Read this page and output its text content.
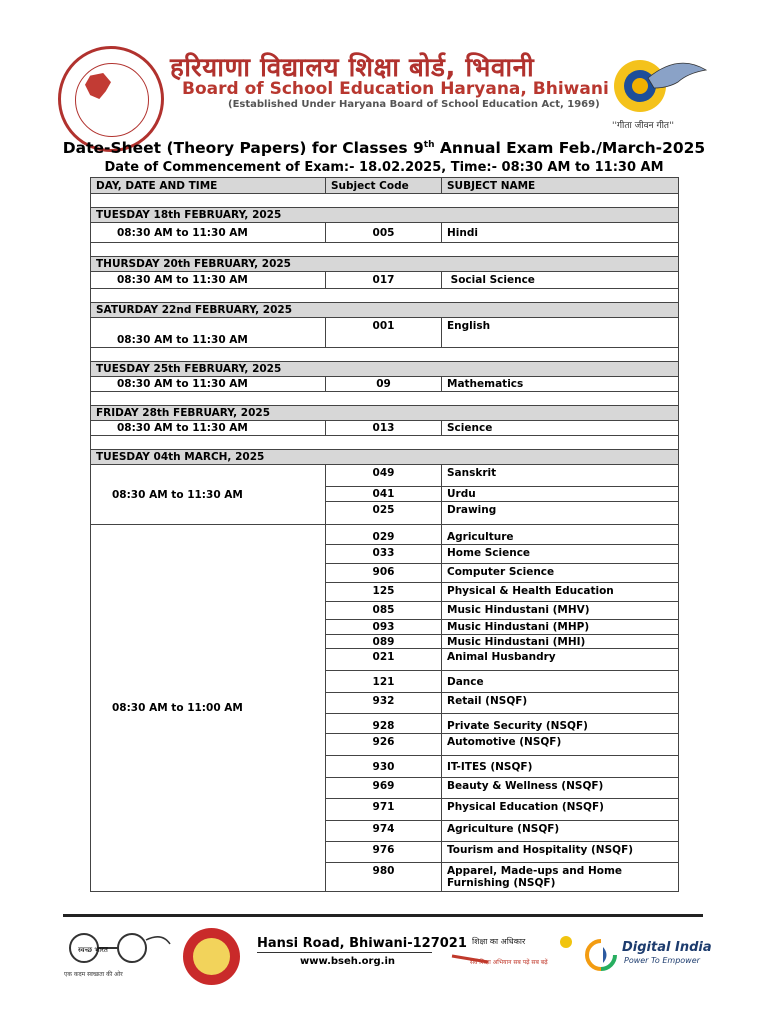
हरियाणा विद्यालय शिक्षा बोर्ड, भिवानी
Board of School Education Haryana, Bhiwani
(Established Under Haryana Board of School Education Act, 1969)
''गीता जीवन गीत''
Date-Sheet (Theory Papers) for Classes 9th Annual Exam Feb./March-2025
Date of Commencement of Exam:- 18.02.2025, Time:- 08:30 AM to 11:30 AM
DAY, DATE AND TIME	Subject Code	SUBJECT NAME

TUESDAY 18th FEBRUARY, 2025		
08:30 AM to 11:30 AM	005	Hindi

THURSDAY 20th FEBRUARY, 2025		
08:30 AM to 11:30 AM	017	Social Science

SATURDAY 22nd FEBRUARY, 2025		
08:30 AM to 11:30 AM	001	English

TUESDAY 25th FEBRUARY, 2025		
08:30 AM to 11:30 AM	09	Mathematics

FRIDAY 28th FEBRUARY, 2025		
08:30 AM to 11:30 AM	013	Science

TUESDAY 04th MARCH, 2025		
08:30 AM to 11:30 AM	049	Sanskrit
	041	Urdu
	025	Drawing
08:30 AM to 11:00 AM	029	Agriculture
	033	Home Science
	906	Computer Science
	125	Physical & Health Education
	085	Music Hindustani (MHV)
	093	Music Hindustani (MHP)
	089	Music Hindustani (MHI)
	021	Animal Husbandry
	121	Dance
	932	Retail (NSQF)
	928	Private Security (NSQF)
	926	Automotive (NSQF)
	930	IT-ITES (NSQF)
	969	Beauty & Wellness (NSQF)
	971	Physical Education (NSQF)
	974	Agriculture (NSQF)
	976	Tourism and Hospitality (NSQF)
	980	Apparel, Made-ups and Home Furnishing (NSQF)
स्वच्छ भारत
एक कदम स्वच्छता की ओर
Hansi Road, Bhiwani-127021
www.bseh.org.in
शिक्षा का अधिकार
सर्व शिक्षा अभियान सब पढ़ें सब बढ़ें
Digital India
Power To Empower
